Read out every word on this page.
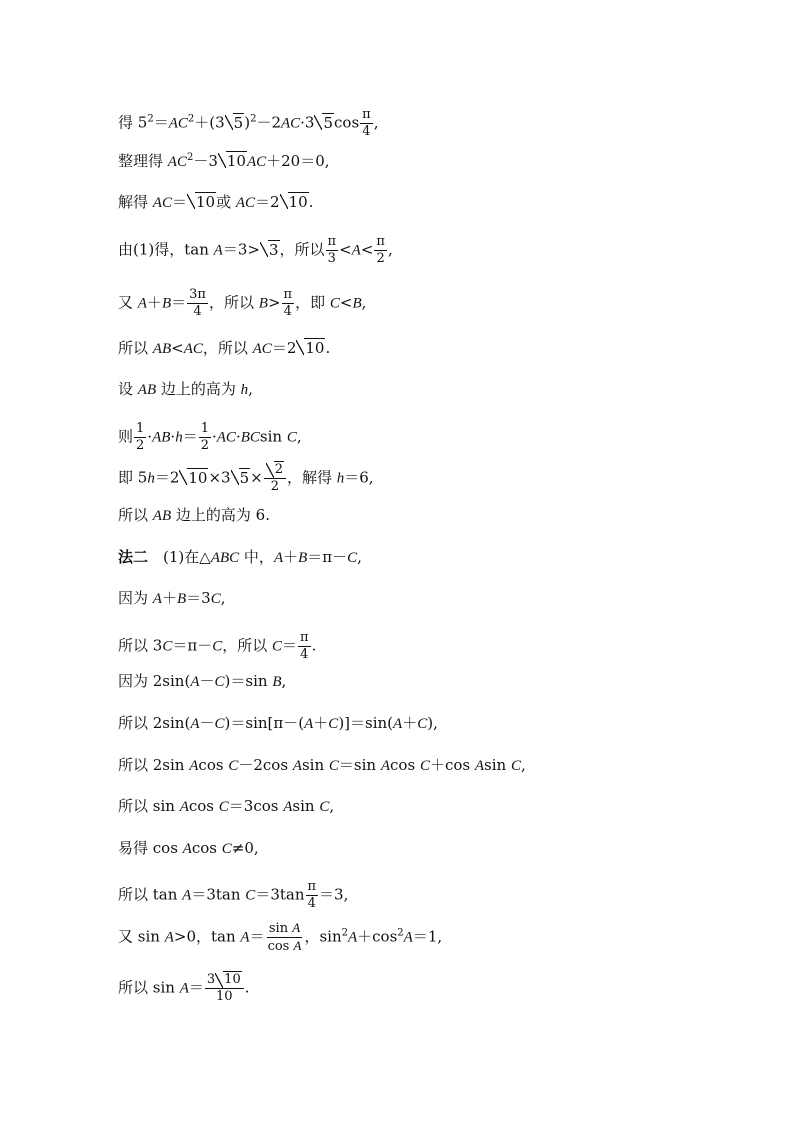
得 $5^2=AC^2+(3$ 5)$^2$－2AC·3 $5\cos \frac{\pi}{4}$ ,
整理得 $AC^2-3$ 10AC＋20＝0,
解得 AC＝ 10或 AC＝2 10.
由(1)得，tan A＝3> 3，所以 $\frac{\pi}{3} <A< \frac{\pi}{2}$ ,
又 $A+B= \frac{3\pi}{4}$ ，所以 $B> \frac{\pi}{4}$ ，即 C<B,
所以 AB<AC，所以 AC＝2 10.
设 AB 边上的高为 h,
则 $\frac{1}{2} \cdot AB\cdot h= \frac{1}{2} \cdot AC\cdot BCsin$ C,
即 5h＝2 10×3 $5\times \frac{2}{2}$ ，解得 h＝6,
所以 AB 边上的高为 6.
法二　(1)在△ABC 中，A＋B＝π－C,
因为 A＋B＝3C,
所以 3C＝π－C，所以 $C= \frac{\pi}{4}$ .
因为 2sin(A－C)＝sin B,
所以 2sin(A－C)＝sin[π－(A＋C)]＝sin(A＋C),
所以 2sin Acos C－2cos Asin C＝sin Acos C＋cos Asin C,
所以 sin Acos C＝3cos Asin C,
易得 cos Acos C≠0,
所以 tan A＝3tan $C=3\tan \frac{\pi}{4} =3$,
又 sin A>0，$\tan A= \frac{\text{sin A}}{\text{cos A}}$ ，$\sin^2A+\cos^2A=1$,
所以 $\sin A= \frac{3 10}{10}$ .
